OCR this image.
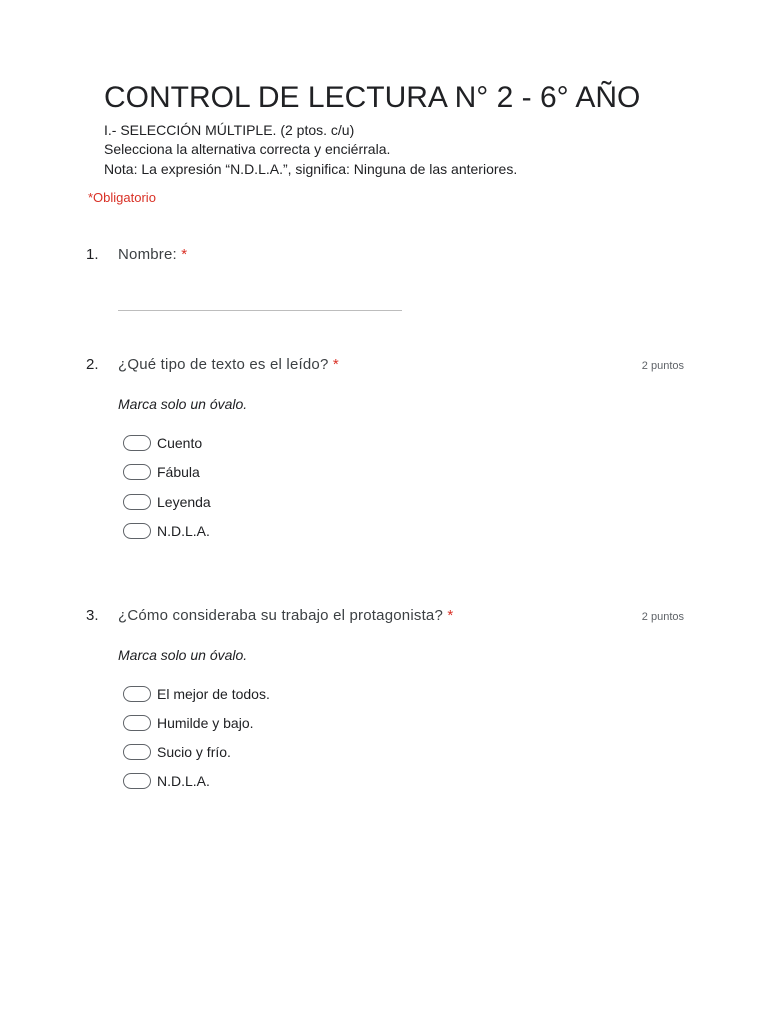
CONTROL DE LECTURA N° 2 - 6° AÑO
I.- SELECCIÓN MÚLTIPLE. (2 ptos. c/u)
Selecciona la alternativa correcta y enciérrala.
Nota: La expresión “N.D.L.A.”, significa: Ninguna de las anteriores.
*Obligatorio
1. Nombre: *
2. ¿Qué tipo de texto es el leído? *	2 puntos
Marca solo un óvalo.
Cuento
Fábula
Leyenda
N.D.L.A.
3. ¿Cómo consideraba su trabajo el protagonista? *	2 puntos
Marca solo un óvalo.
El mejor de todos.
Humilde y bajo.
Sucio y frío.
N.D.L.A.
